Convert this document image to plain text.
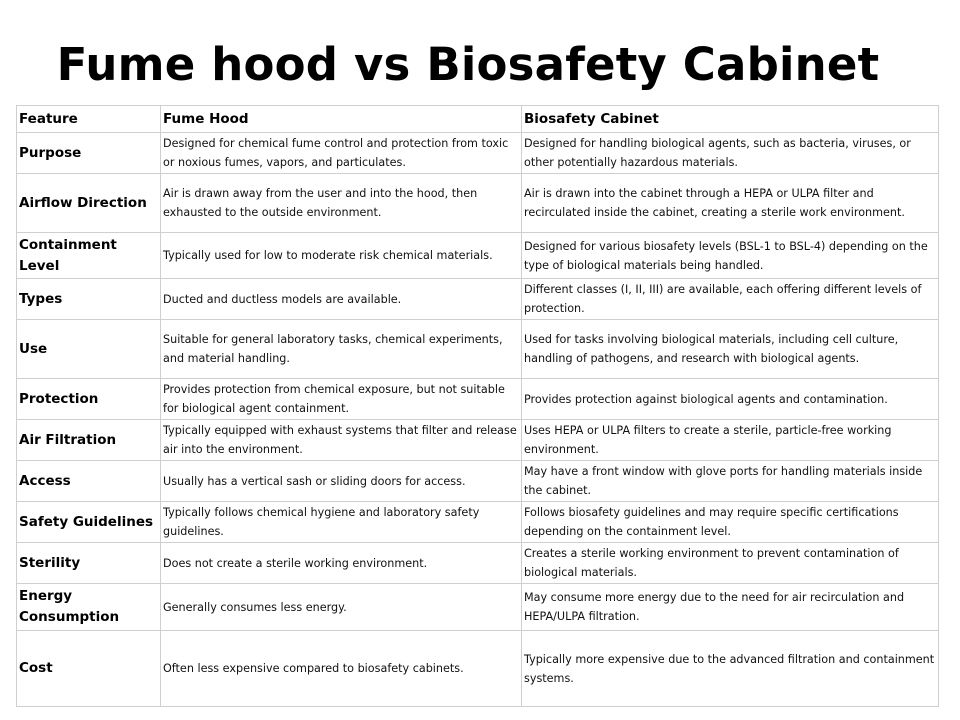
Fume hood vs Biosafety Cabinet
Feature	Fume Hood	Biosafety Cabinet
Purpose	Designed for chemical fume control and protection from toxic or noxious fumes, vapors, and particulates.	Designed for handling biological agents, such as bacteria, viruses, or other potentially hazardous materials.
Airflow Direction	Air is drawn away from the user and into the hood, then exhausted to the outside environment.	Air is drawn into the cabinet through a HEPA or ULPA filter and recirculated inside the cabinet, creating a sterile work environment.
Containment Level	Typically used for low to moderate risk chemical materials.	Designed for various biosafety levels (BSL-1 to BSL-4) depending on the type of biological materials being handled.
Types	Ducted and ductless models are available.	Different classes (I, II, III) are available, each offering different levels of protection.
Use	Suitable for general laboratory tasks, chemical experiments, and material handling.	Used for tasks involving biological materials, including cell culture, handling of pathogens, and research with biological agents.
Protection	Provides protection from chemical exposure, but not suitable for biological agent containment.	Provides protection against biological agents and contamination.
Air Filtration	Typically equipped with exhaust systems that filter and release air into the environment.	Uses HEPA or ULPA filters to create a sterile, particle-free working environment.
Access	Usually has a vertical sash or sliding doors for access.	May have a front window with glove ports for handling materials inside the cabinet.
Safety Guidelines	Typically follows chemical hygiene and laboratory safety guidelines.	Follows biosafety guidelines and may require specific certifications depending on the containment level.
Sterility	Does not create a sterile working environment.	Creates a sterile working environment to prevent contamination of biological materials.
Energy Consumption	Generally consumes less energy.	May consume more energy due to the need for air recirculation and HEPA/ULPA filtration.
Cost	Often less expensive compared to biosafety cabinets.	Typically more expensive due to the advanced filtration and containment systems.
